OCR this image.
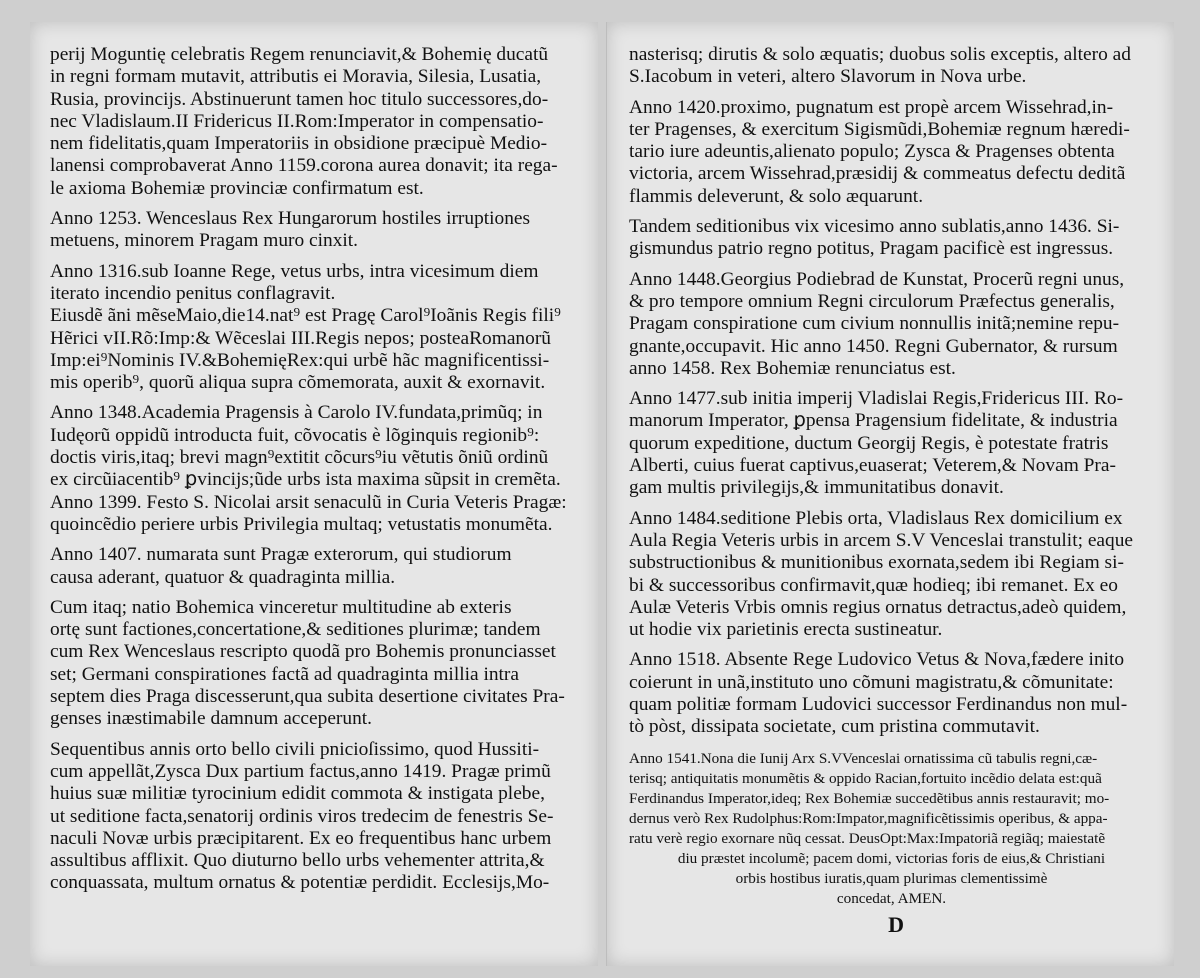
perij Moguntię celebratis Regem renunciavit,& Bohemię ducatũ
in regni formam mutavit, attributis ei Moravia, Silesia, Lusatia,
Rusia, provincijs. Abstinuerunt tamen hoc titulo successores,do-
nec Vladislaum.II Fridericus II.Rom:Imperator in compensatio-
nem fidelitatis,quam Imperatoriis in obsidione præcipuè Medio-
lanensi comprobaverat Anno 1159.corona aurea donavit; ita rega-
le axioma Bohemiæ provinciæ confirmatum est.
Anno 1253. Wenceslaus Rex Hungarorum hostiles irruptiones
metuens, minorem Pragam muro cinxit.
Anno 1316.sub Ioanne Rege, vetus urbs, intra vicesimum diem
iterato incendio penitus conflagravit.
Eiusdẽ ãni mẽseMaio,die14.nat⁹ est Pragę Carol⁹Ioãnis Regis fili⁹
Hẽrici vII.Rõ:Imp:& Wẽceslai III.Regis nepos; posteaRomanorũ
Imp:ei⁹Nominis IV.&BohemięRex:qui urbẽ hãc magnificentissi-
mis operib⁹, quorũ aliqua supra cõmemorata, auxit & exornavit.
Anno 1348.Academia Pragensis à Carolo IV.fundata,primũq; in
Iudęorũ oppidũ introducta fuit, cõvocatis è lõginquis regionib⁹:
doctis viris,itaq; brevi magn⁹extitit cõcurs⁹iu vẽtutis õniũ ordinũ
ex circũiacentib⁹ ꝑvincijs;ũde urbs ista maxima sũpsit in cremẽta.
Anno 1399. Festo S. Nicolai arsit senaculũ in Curia Veteris Pragæ:
quoincẽdio periere urbis Privilegia multaq; vetustatis monumẽta.
Anno 1407. numarata sunt Pragæ exterorum, qui studiorum
causa aderant, quatuor & quadraginta millia.
Cum itaq; natio Bohemica vinceretur multitudine ab exteris
ortę sunt factiones,concertatione,& seditiones plurimæ; tandem
cum Rex Wenceslaus rescripto quodã pro Bohemis pronunciasset
set; Germani conspirationes factã ad quadraginta millia intra
septem dies Praga discesserunt,qua subita desertione civitates Pra-
genses inæstimabile damnum acceperunt.
Sequentibus annis orto bello civili pnicioſissimo, quod Hussiti-
cum appellãt,Zysca Dux partium factus,anno 1419. Pragæ primũ
huius suæ militiæ tyrocinium edidit commota & instigata plebe,
ut seditione facta,senatorij ordinis viros tredecim de fenestris Se-
naculi Novæ urbis præcipitarent. Ex eo frequentibus hanc urbem
assultibus afflixit. Quo diuturno bello urbs vehementer attrita,&
conquassata, multum ornatus & potentiæ perdidit. Ecclesijs,Mo-
nasterisq; dirutis & solo æquatis; duobus solis exceptis, altero ad
S.Iacobum in veteri, altero Slavorum in Nova urbe.
Anno 1420.proximo, pugnatum est propè arcem Wissehrad,in-
ter Pragenses, & exercitum Sigismũdi,Bohemiæ regnum hæredi-
tario iure adeuntis,alienato populo; Zysca & Pragenses obtenta
victoria, arcem Wissehrad,præsidij & commeatus defectu deditã
flammis deleverunt, & solo æquarunt.
Tandem seditionibus vix vicesimo anno sublatis,anno 1436. Si-
gismundus patrio regno potitus, Pragam pacificè est ingressus.
Anno 1448.Georgius Podiebrad de Kunstat, Procerũ regni unus,
& pro tempore omnium Regni circulorum Præfectus generalis,
Pragam conspiratione cum civium nonnullis initã;nemine repu-
gnante,occupavit. Hic anno 1450. Regni Gubernator, & rursum
anno 1458. Rex Bohemiæ renunciatus est.
Anno 1477.sub initia imperij Vladislai Regis,Fridericus III. Ro-
manorum Imperator, ꝑpensa Pragensium fidelitate, & industria
quorum expeditione, ductum Georgij Regis, è potestate fratris
Alberti, cuius fuerat captivus,euaserat; Veterem,& Novam Pra-
gam multis privilegijs,& immunitatibus donavit.
Anno 1484.seditione Plebis orta, Vladislaus Rex domicilium ex
Aula Regia Veteris urbis in arcem S.V Venceslai transtulit; eaque
substructionibus & munitionibus exornata,sedem ibi Regiam si-
bi & successoribus confirmavit,quæ hodieq; ibi remanet. Ex eo
Aulæ Veteris Vrbis omnis regius ornatus detractus,adeò quidem,
ut hodie vix parietinis erecta sustineatur.
Anno 1518. Absente Rege Ludovico Vetus & Nova,fædere inito
coierunt in unã,instituto uno cõmuni magistratu,& cõmunitate:
quam politiæ formam Ludovici successor Ferdinandus non mul-
tò pòst, dissipata societate, cum pristina commutavit.
Anno 1541.Nona die Iunij Arx S.VVenceslai ornatissima cũ tabulis regni,cæ-
terisq; antiquitatis monumẽtis & oppido Racian,fortuito incẽdio delata est:quã
Ferdinandus Imperator,ideq; Rex Bohemiæ succedẽtibus annis restauravit; mo-
dernus verò Rex Rudolphus:Rom:Impator,magnificẽtissimis operibus, & appa-
ratu verè regio exornare nũq cessat. DeusOpt:Max:Impatoriã regiãq; maiestatẽ
diu præstet incolumẽ; pacem domi, victorias foris de eius,& Christiani
orbis hostibus iuratis,quam plurimas clementissimè
concedat, AMEN.
D
